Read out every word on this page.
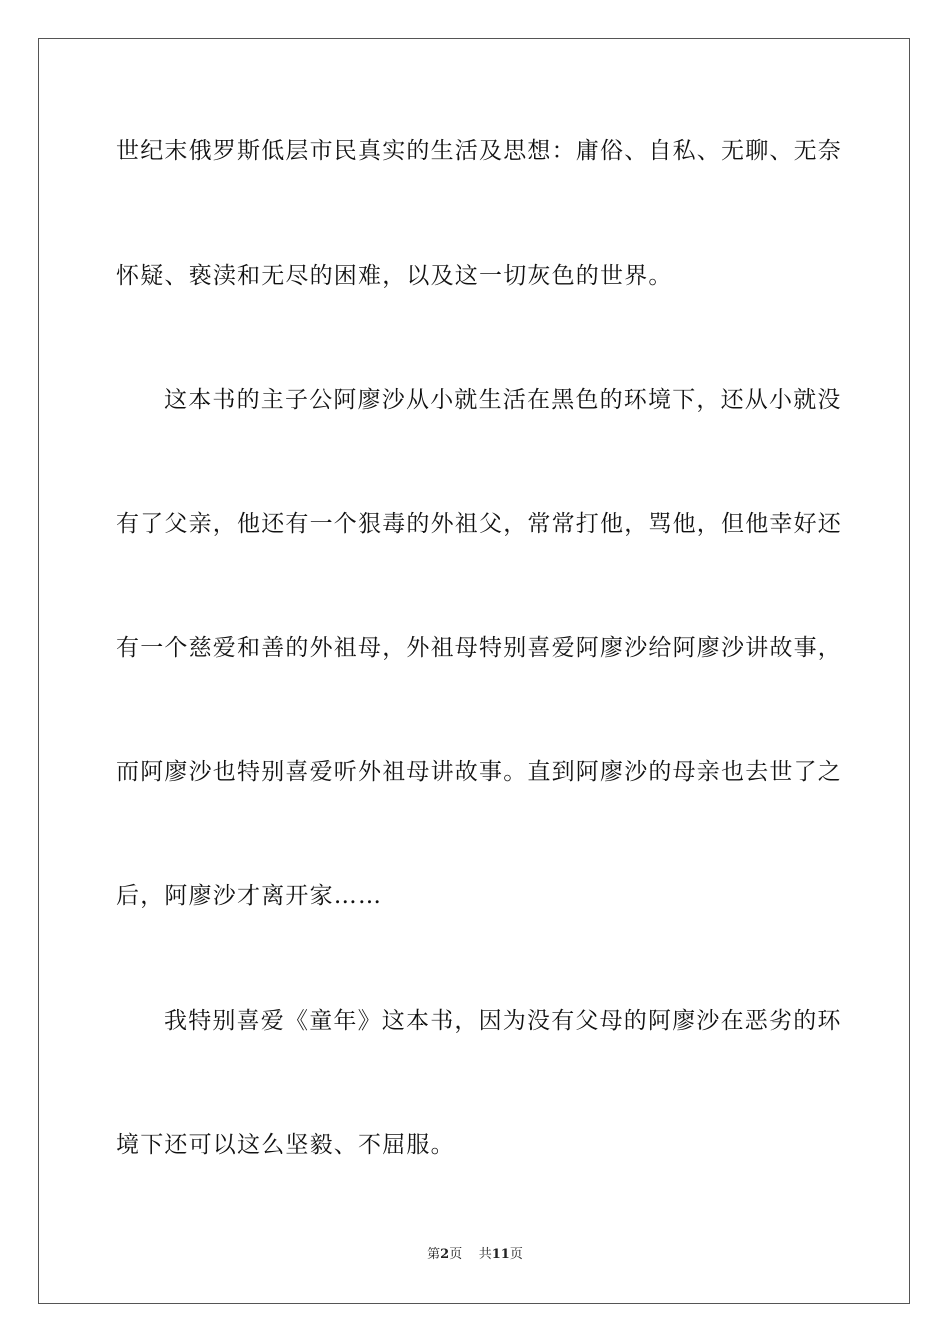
世纪末俄罗斯低层市民真实的生活及思想：庸俗、自私、无聊、无奈

怀疑、亵渎和无尽的困难，以及这一切灰色的世界。

这本书的主子公阿廖沙从小就生活在黑色的环境下，还从小就没

有了父亲，他还有一个狠毒的外祖父，常常打他，骂他，但他幸好还

有一个慈爱和善的外祖母，外祖母特别喜爱阿廖沙给阿廖沙讲故事，

而阿廖沙也特别喜爱听外祖母讲故事。直到阿廖沙的母亲也去世了之

后，阿廖沙才离开家……

我特别喜爱《童年》这本书，因为没有父母的阿廖沙在恶劣的环

境下还可以这么坚毅、不屈服。

第2页 共11页
